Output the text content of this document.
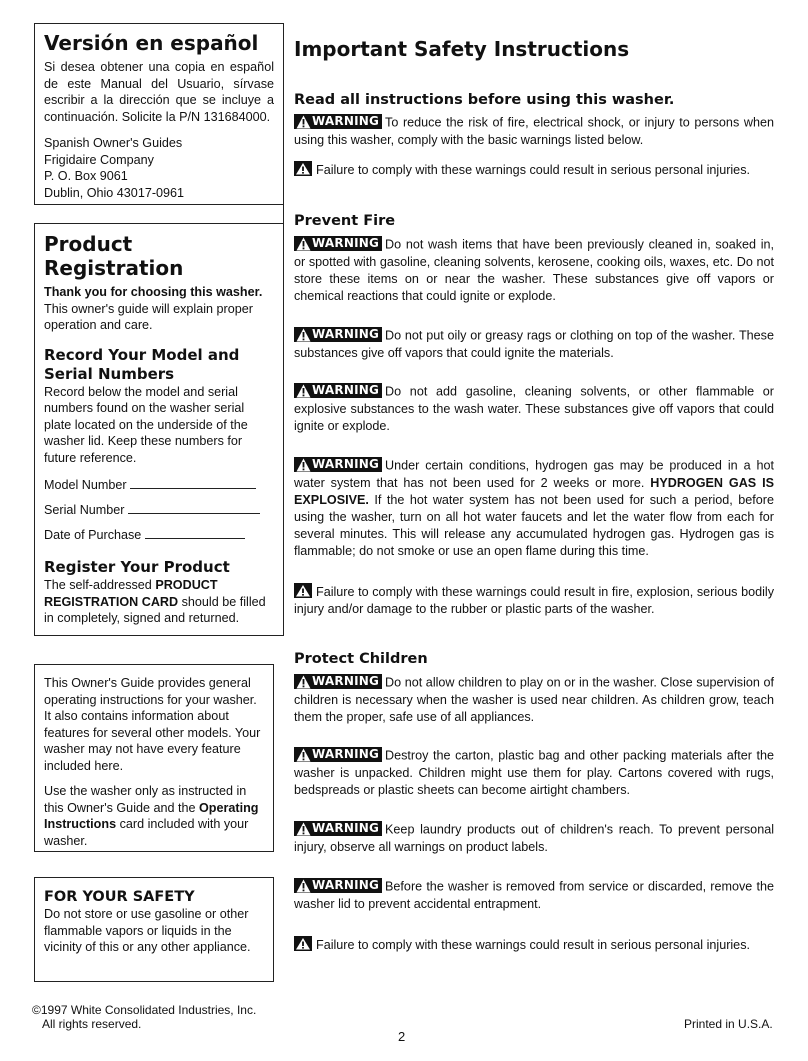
Versión en español

Si desea obtener una copia en español de este Manual del Usuario, sírvase escribir a la dirección que se incluye a continuación. Solicite la P/N 131684000.

Spanish Owner's Guides

Frigidaire Company

P. O. Box 9061

Dublin, Ohio 43017-0961

Product Registration

Thank you for choosing this washer. This owner's guide will explain proper operation and care.

Record Your Model and Serial Numbers

Record below the model and serial numbers found on the washer serial plate located on the underside of the washer lid. Keep these numbers for future reference.

Model Number
Serial Number
Date of Purchase
Register Your Product

The self-addressed PRODUCT REGISTRATION CARD should be filled in completely, signed and returned.

This Owner's Guide provides general operating instructions for your washer. It also contains information about features for several other models. Your washer may not have every feature included here.

Use the washer only as instructed in this Owner's Guide and the Operating Instructions card included with your washer.

FOR YOUR SAFETY

Do not store or use gasoline or other flammable vapors or liquids in the vicinity of this or any other appliance.

©1997 White Consolidated Industries, Inc.
All rights reserved.
2
Printed in U.S.A.
Important Safety Instructions
Read all instructions before using this washer.

WARNING To reduce the risk of fire, electrical shock, or injury to persons when using this washer, comply with the basic warnings listed below.

Failure to comply with these warnings could result in serious personal injuries.

Prevent Fire

WARNING Do not wash items that have been previously cleaned in, soaked in, or spotted with gasoline, cleaning solvents, kerosene, cooking oils, waxes, etc. Do not store these items on or near the washer. These substances give off vapors or chemical reactions that could ignite or explode.

WARNING Do not put oily or greasy rags or clothing on top of the washer. These substances give off vapors that could ignite the materials.

WARNING Do not add gasoline, cleaning solvents, or other flammable or explosive substances to the wash water. These substances give off vapors that could ignite or explode.

WARNING Under certain conditions, hydrogen gas may be produced in a hot water system that has not been used for 2 weeks or more. HYDROGEN GAS IS EXPLOSIVE. If the hot water system has not been used for such a period, before using the washer, turn on all hot water faucets and let the water flow from each for several minutes. This will release any accumulated hydrogen gas. Hydrogen gas is flammable; do not smoke or use an open flame during this time.

Failure to comply with these warnings could result in fire, explosion, serious bodily injury and/or damage to the rubber or plastic parts of the washer.

Protect Children

WARNING Do not allow children to play on or in the washer. Close supervision of children is necessary when the washer is used near children. As children grow, teach them the proper, safe use of all appliances.

WARNING Destroy the carton, plastic bag and other packing materials after the washer is unpacked. Children might use them for play. Cartons covered with rugs, bedspreads or plastic sheets can become airtight chambers.

WARNING Keep laundry products out of children's reach. To prevent personal injury, observe all warnings on product labels.

WARNING Before the washer is removed from service or discarded, remove the washer lid to prevent accidental entrapment.

Failure to comply with these warnings could result in serious personal injuries.
